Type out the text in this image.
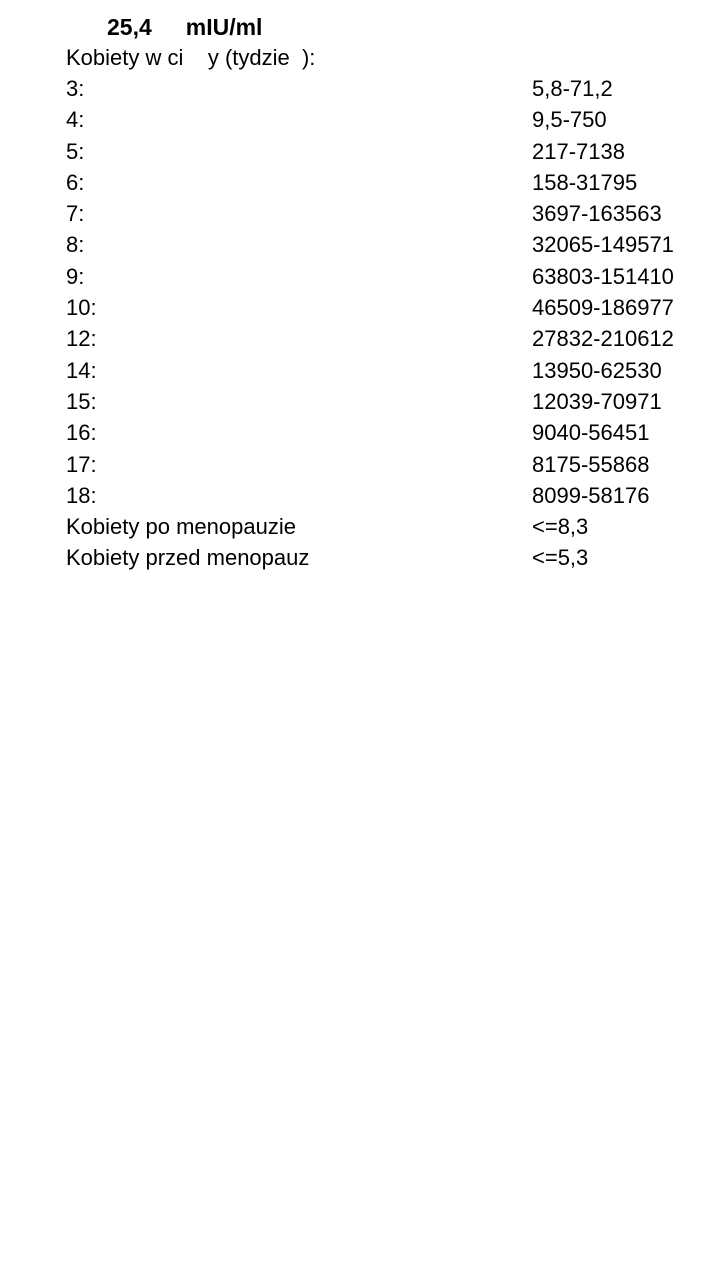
25,4 mIU/ml
Kobiety w ci    y (tydzie  ):
3:	5,8-71,2
4:	9,5-750
5:	217-7138
6:	158-31795
7:	3697-163563
8:	32065-149571
9:	63803-151410
10:	46509-186977
12:	27832-210612
14:	13950-62530
15:	12039-70971
16:	9040-56451
17:	8175-55868
18:	8099-58176
Kobiety po menopauzie	<=8,3
Kobiety przed menopauz	<=5,3
